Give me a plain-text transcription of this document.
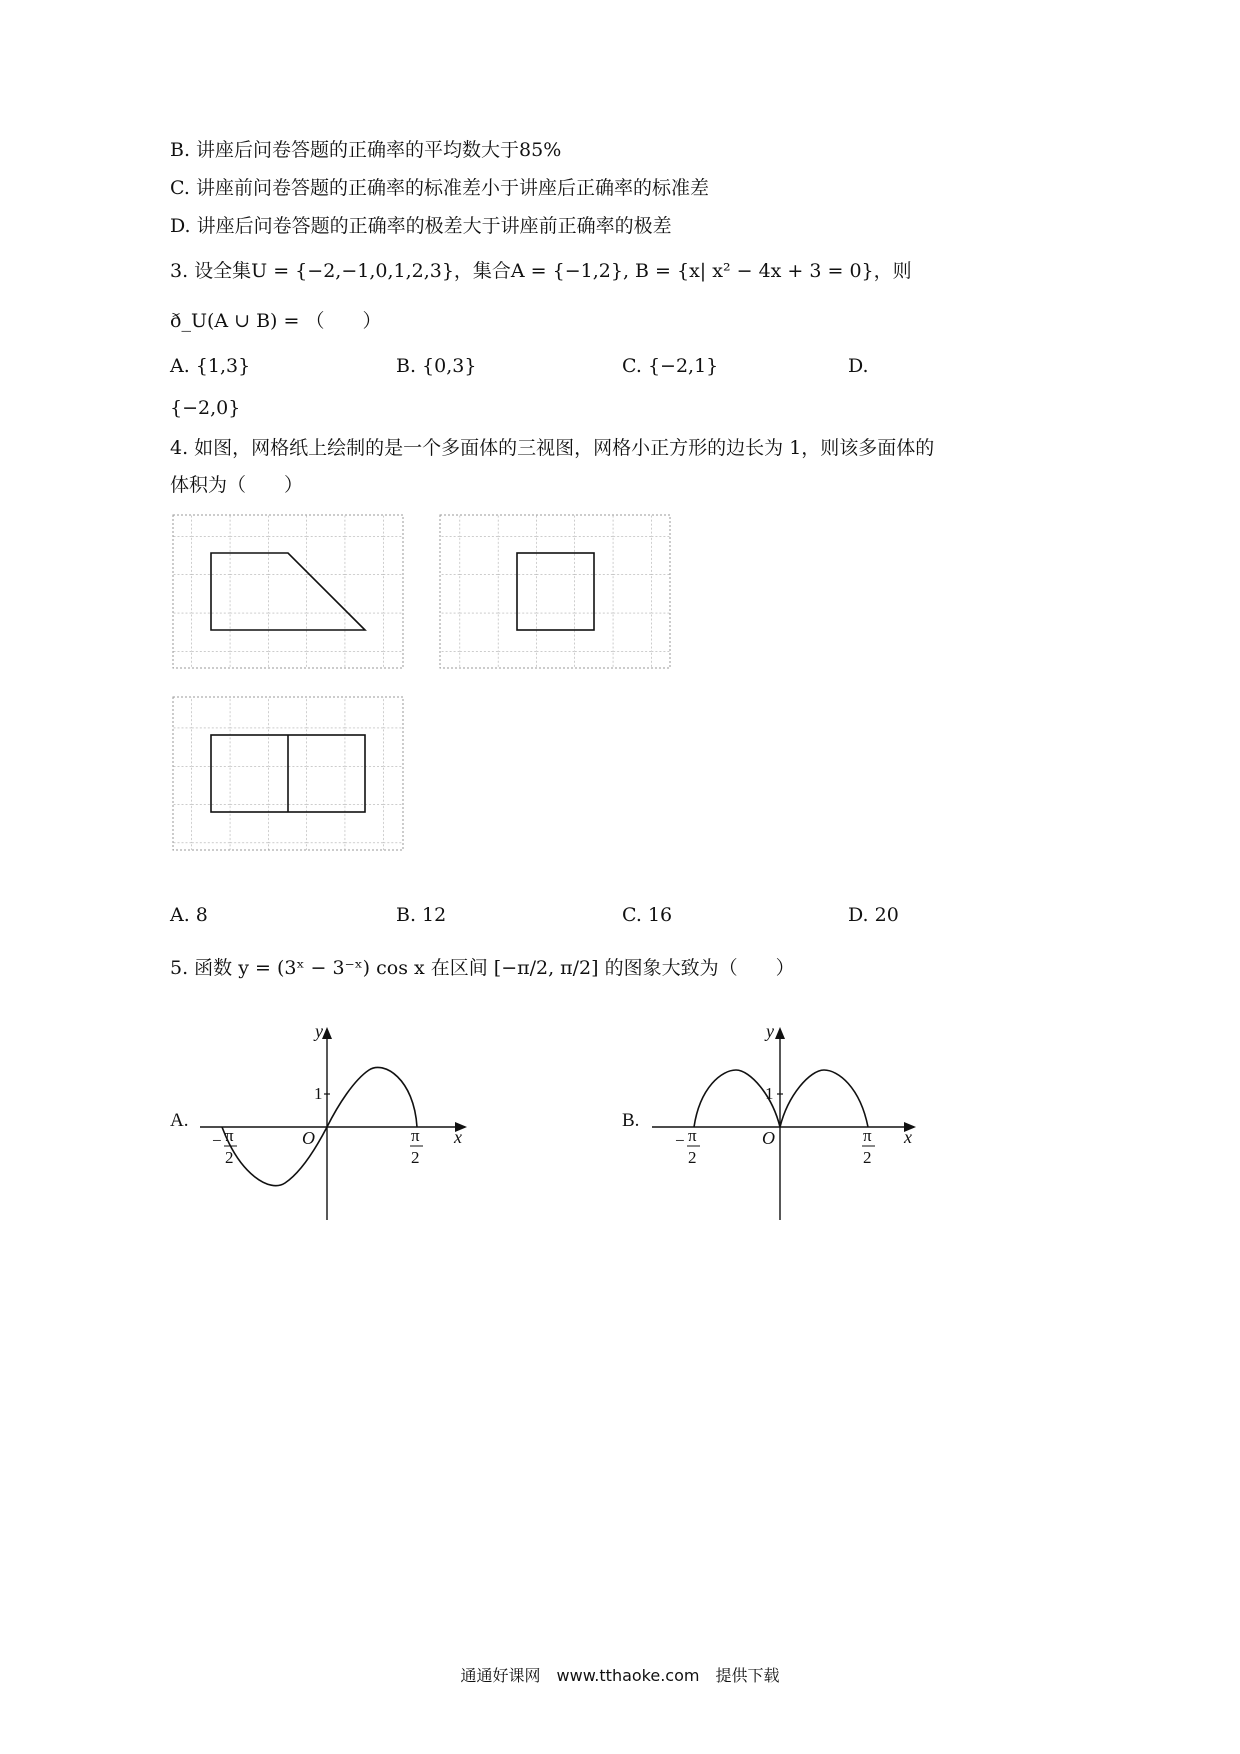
B. 讲座后问卷答题的正确率的平均数大于85%
C. 讲座前问卷答题的正确率的标准差小于讲座后正确率的标准差
D. 讲座后问卷答题的正确率的极差大于讲座前正确率的极差
3. 设全集U = {−2,−1,0,1,2,3}，集合A = {−1,2}, B = {x| x² − 4x + 3 = 0}，则
ð_U(A ∪ B) = （　　）
A. {1,3}	B. {0,3}	C. {−2,1}	D.
{−2,0}
4. 如图，网格纸上绘制的是一个多面体的三视图，网格小正方形的边长为 1，则该多面体的
体积为（　　）
A. 8	B. 12	C. 16	D. 20
5. 函数 y = (3ˣ − 3⁻ˣ) cos x 在区间 [−π/2, π/2] 的图象大致为（　　）
A.
y
x
O
1
− π
2
π
2
B.
y
x
O
1
− π
2
π
2
通通好课网　www.tthaoke.com　提供下载
